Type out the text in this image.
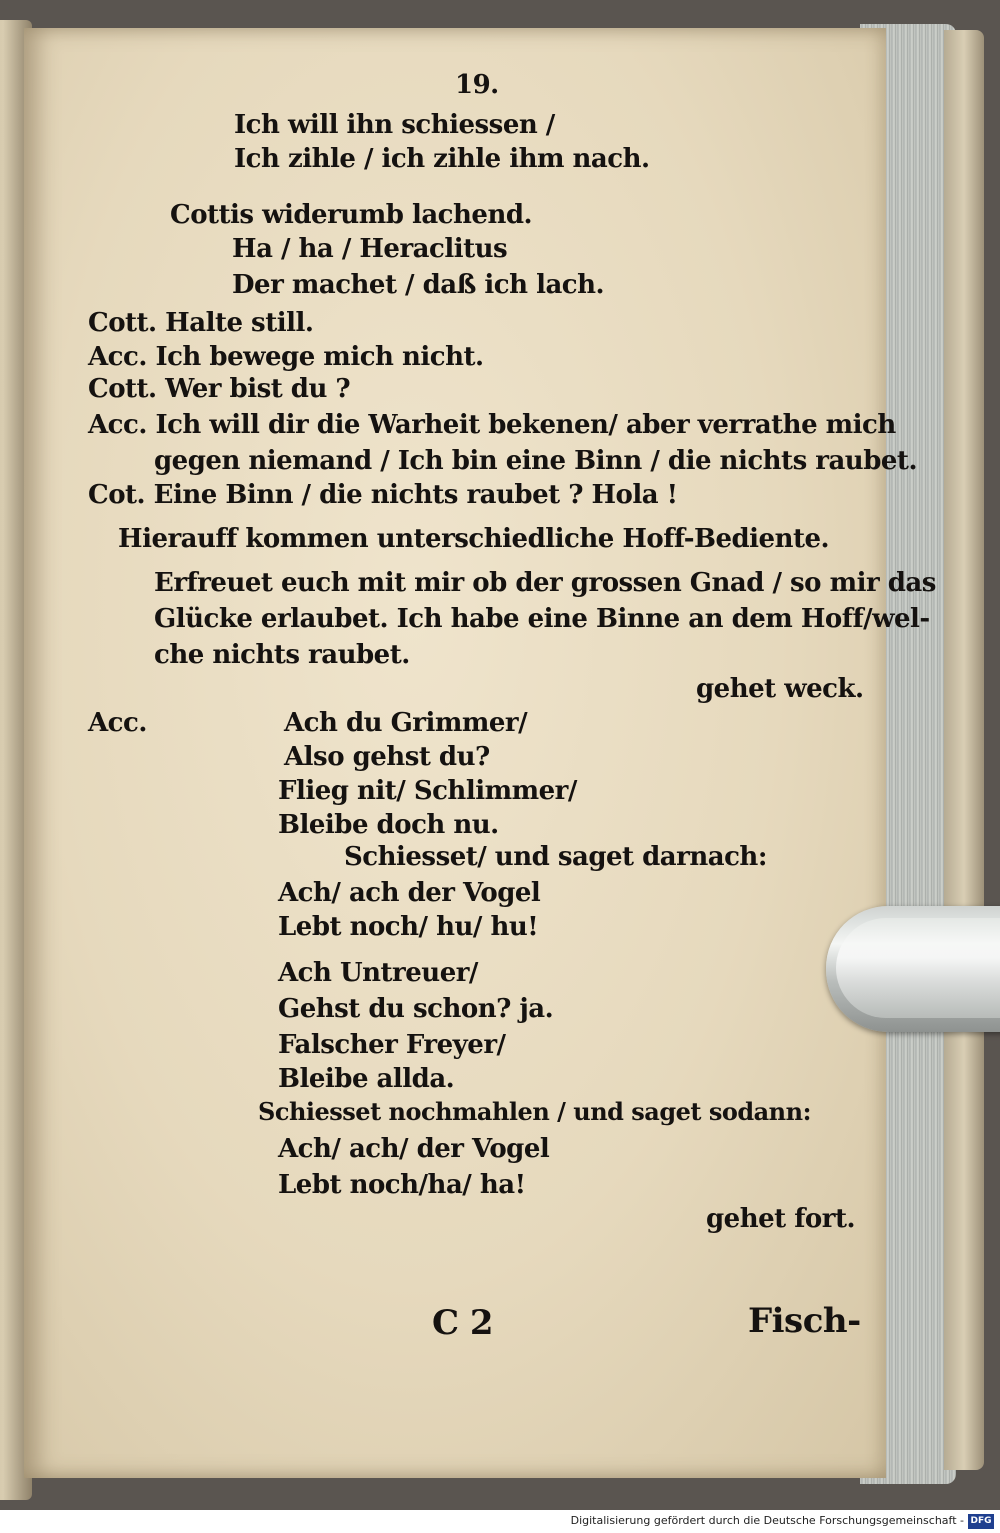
19.
Ich will ihn schiessen /
Ich zihle / ich zihle ihm nach.
Cottis widerumb lachend.
Ha / ha / Heraclitus
Der machet / daß ich lach.
Cott. Halte still.
Acc. Ich bewege mich nicht.
Cott. Wer bist du ?
Acc. Ich will dir die Warheit bekenen/ aber verrathe mich
gegen niemand / Ich bin eine Binn / die nichts raubet.
Cot. Eine Binn / die nichts raubet ? Hola !
Hierauff kommen unterschiedliche Hoff-Bediente.
Erfreuet euch mit mir ob der grossen Gnad / so mir das
Glücke erlaubet. Ich habe eine Binne an dem Hoff/wel-
che nichts raubet.
gehet weck.
Acc.	Ach du Grimmer/
Also gehst du?
Flieg nit/ Schlimmer/
Bleibe doch nu.
Schiesset/ und saget darnach:
Ach/ ach der Vogel
Lebt noch/ hu/ hu!
Ach Untreuer/
Gehst du schon? ja.
Falscher Freyer/
Bleibe allda.
Schiesset nochmahlen / und saget sodann:
Ach/ ach/ der Vogel
Lebt noch/ha/ ha!
gehet fort.
C 2	Fisch-
Digitalisierung gefördert durch die Deutsche Forschungsgemeinschaft - DFG
